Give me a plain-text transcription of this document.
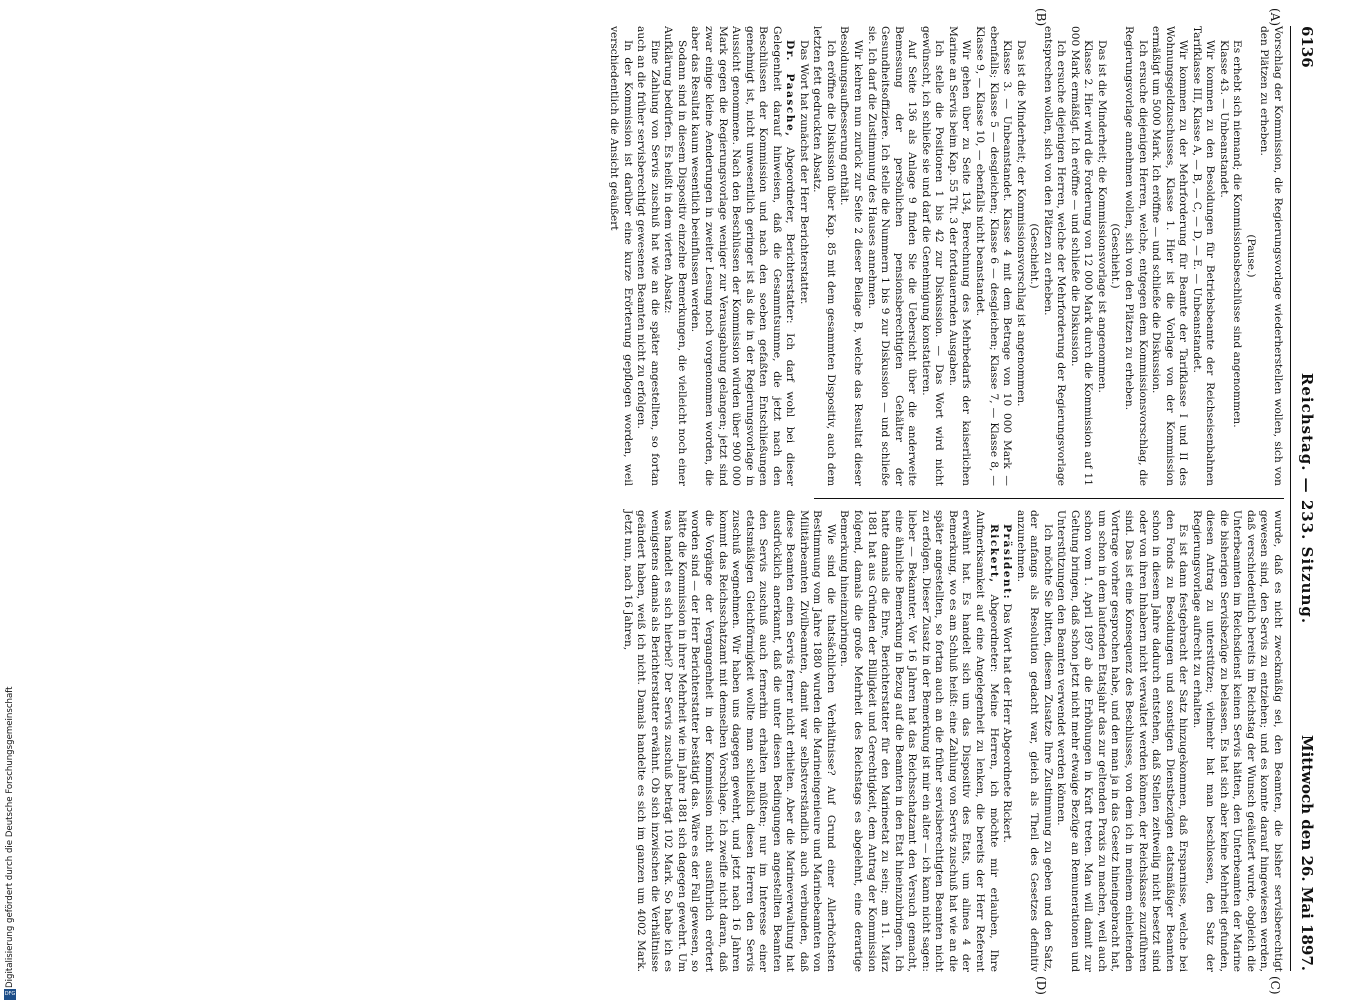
6136
Reichstag. — 233. Sitzung.
Mittwoch den 26. Mai 1897.
(A)
(B)
(C)
(D)

Vorschlag der Kommission, die Regierungsvorlage wiederherstellen wollen, sich von den Plätzen zu erheben.

(Pause.)

Es erhebt sich niemand; die Kommissionsbeschlüsse sind angenommen.

Klasse 43. — Unbeanstandet.

Wir kommen zu den Besoldungen für Betriebsbeamte der Reichseisenbahnen Tarifklasse III, Klasse A, — B, — C, — D, — E. — Unbeanstandet.

Wir kommen zu der Mehrforderung für Beamte der Tarifklasse I und II des Wohnungsgeldzuschusses, Klasse 1. Hier ist die Vorlage von der Kommission ermäßigt um 5000 Mark. Ich eröffne — und schließe die Diskussion.

Ich ersuche diejenigen Herren, welche, entgegen dem Kommissionsvorschlag, die Regierungsvorlage annehmen wollen, sich von den Plätzen zu erheben.

(Geschieht.)

Das ist die Minderheit; die Kommissionsvorlage ist angenommen.

Klasse 2. Hier wird die Forderung von 12 000 Mark durch die Kommission auf 11 000 Mark ermäßigt. Ich eröffne — und schließe die Diskussion.

Ich ersuche diejenigen Herren, welche der Mehrforderung der Regierungsvorlage entsprechen wollen, sich von den Plätzen zu erheben.

(Geschieht.)

Das ist die Minderheit; der Kommissionsvorschlag ist angenommen.

Klasse 3. — Unbeanstandet. Klasse 4 mit dem Betrage von 10 000 Mark — ebenfalls; Klasse 5 — desgleichen; Klasse 6 — desgleichen; Klasse 7, — Klasse 8, — Klasse 9, — Klasse 10, — ebenfalls nicht beanstandet.

Wir gehen über zu Seite 134, Berechnung des Mehrbedarfs der kaiserlichen Marine an Servis beim Kap. 55 Tit. 3 der fortdauernden Ausgaben.

Ich stelle die Positionen 1 bis 42 zur Diskussion. — Das Wort wird nicht gewünscht, ich schließe sie und darf die Genehmigung konstatieren.

Auf Seite 136 als Anlage 9 finden Sie die Uebersicht über die anderweite Bemessung der persönlichen pensionsberechtigten Gehälter der Gesundheitsoffiziere. Ich stelle die Nummern 1 bis 9 zur Diskussion — und schließe sie. Ich darf die Zustimmung des Hauses annehmen.

Wir kehren nun zurück zur Seite 2 dieser Beilage B, welche das Resultat dieser Besoldungsaufbesserung enthält.

Ich eröffne die Diskussion über Kap. 85 mit dem gesammten Dispositiv, auch dem letzten fett gedruckten Absatz.

Das Wort hat zunächst der Herr Berichterstatter.

Dr. Paasche, Abgeordneter, Berichterstatter: Ich darf wohl bei dieser Gelegenheit darauf hinweisen, daß die Gesammtsumme, die jetzt nach den Beschlüssen der Kommission und nach den soeben gefaßten Entschließungen genehmigt ist, nicht unwesentlich geringer ist als die in der Regierungsvorlage in Aussicht genommene. Nach den Beschlüssen der Kommission würden über 900 000 Mark gegen die Regierungsvorlage weniger zur Verausgabung gelangen; jetzt sind zwar einige kleine Aenderungen in zweiter Lesung noch vorgenommen worden, die aber das Resultat kaum wesentlich beeinflussen werden.

Sodann sind in diesem Dispositiv einzelne Bemerkungen, die vielleicht noch einer Aufklärung bedürfen. Es heißt in dem vierten Absatz:

Eine Zahlung von Servis zuschuß hat wie an die später angestellten, so fortan auch an die früher servisberechtigt gewesenen Beamten nicht zu erfolgen.

In der Kommission ist darüber eine kurze Erörterung gepflogen worden, weil verschiedentlich die Ansicht geäußert

wurde, daß es nicht zweckmäßig sei, den Beamten, die bisher servisberechtigt gewesen sind, den Servis zu entziehen; und es konnte darauf hingewiesen werden, daß verschiedentlich bereits im Reichstag der Wunsch geäußert wurde, obgleich die Unterbeamten im Reichsdienst keinen Servis hätten, den Unterbeamten der Marine die bisherigen Servisbezüge zu belassen. Es hat sich aber keine Mehrheit gefunden, diesen Antrag zu unterstützen; vielmehr hat man beschlossen, den Satz der Regierungsvorlage aufrecht zu erhalten.

Es ist dann festgebracht der Satz hinzugekommen, daß Ersparnisse, welche bei den Fonds zu Besoldungen und sonstigen Dienstbezügen etatsmäßiger Beamten schon in diesem Jahre dadurch entstehen, daß Stellen zeitweilig nicht besetzt sind oder von ihren Inhabern nicht verwaltet werden können, der Reichskasse zuzuführen sind. Das ist eine Konsequenz des Beschlusses, von dem ich in meinem einleitenden Vortrage vorher gesprochen habe, und den man ja in das Gesetz hineingebracht hat, um schon in dem laufenden Etatsjahr das zur geltenden Praxis zu machen, weil auch schon vom 1. April 1897 ab die Erhöhungen in Kraft treten. Man will damit zur Geltung bringen, daß schon jetzt nicht mehr etwaige Bezüge an Remunerationen und Unterstützungen den Beamten verwendet werden können.

Ich möchte Sie bitten, diesem Zusatze Ihre Zustimmung zu geben und den Satz, der anfangs als Resolution gedacht war, gleich als Theil des Gesetzes definitiv anzunehmen.

Präsident: Das Wort hat der Herr Abgeordnete Rickert.

Rickert, Abgeordneter: Meine Herren, ich möchte mir erlauben, Ihre Aufmerksamkeit auf eine Angelegenheit zu lenken, die bereits der Herr Referent erwähnt hat. Es handelt sich um das Dispositiv des Etats, um alinea 4 der Bemerkung, wo es am Schluß heißt: eine Zahlung von Servis zuschuß hat wie an die später angestellten, so fortan auch an die früher servisberechtigten Beamten nicht zu erfolgen. Dieser Zusatz in der Bemerkung ist mir ein alter — ich kann nicht sagen: lieber — Bekannter. Vor 16 Jahren hat das Reichsschatzamt den Versuch gemacht, eine ähnliche Bemerkung in Bezug auf die Beamten in den Etat hineinzubringen. Ich hatte damals die Ehre, Berichterstatter für den Marineetat zu sein; am 11. März 1881 hat aus Gründen der Billigkeit und Gerechtigkeit, dem Antrag der Kommission folgend, damals die große Mehrheit des Reichstags es abgelehnt, eine derartige Bemerkung hineinzubringen.

Wie sind die thatsächlichen Verhältnisse? Auf Grund einer Allerhöchsten Bestimmung vom Jahre 1880 wurden die Marineingenieure und Marinebeamten von Militärbeamten Zivilbeamten, damit war selbstverständlich auch verbunden, daß diese Beamten einen Servis ferner nicht erhielten. Aber die Marineverwaltung hat ausdrücklich anerkannt, daß die unter diesen Bedingungen angestellten Beamten den Servis zuschuß auch fernerhin erhalten müßten; nur im Interesse einer etatsmäßigen Gleichförmigkeit wollte man schließlich diesen Herren den Servis zuschuß wegnehmen. Wir haben uns dagegen gewehrt, und jetzt nach 16 Jahren kommt das Reichsschatzamt mit demselben Vorschlage. Ich zweifle nicht daran, daß die Vorgänge der Vergangenheit in der Kommission nicht ausführlich erörtert worden sind — der Herr Berichterstatter bestätigt das. Wäre es der Fall gewesen, so hätte die Kommission in ihrer Mehrheit wie im Jahre 1881 sich dagegen gewehrt. Um was handelt es sich hierbei? Der Servis zuschuß beträgt 102 Mark. So habe ich es wenigstens damals als Berichterstatter erwähnt. Ob sich inzwischen die Verhältnisse geändert haben, weiß ich nicht. Damals handelte es sich im ganzen um 4002 Mark. Jetzt nun, nach 16 Jahren,

Digitalisierung gefördert durch die Deutsche Forschungsgemeinschaft
DFG
